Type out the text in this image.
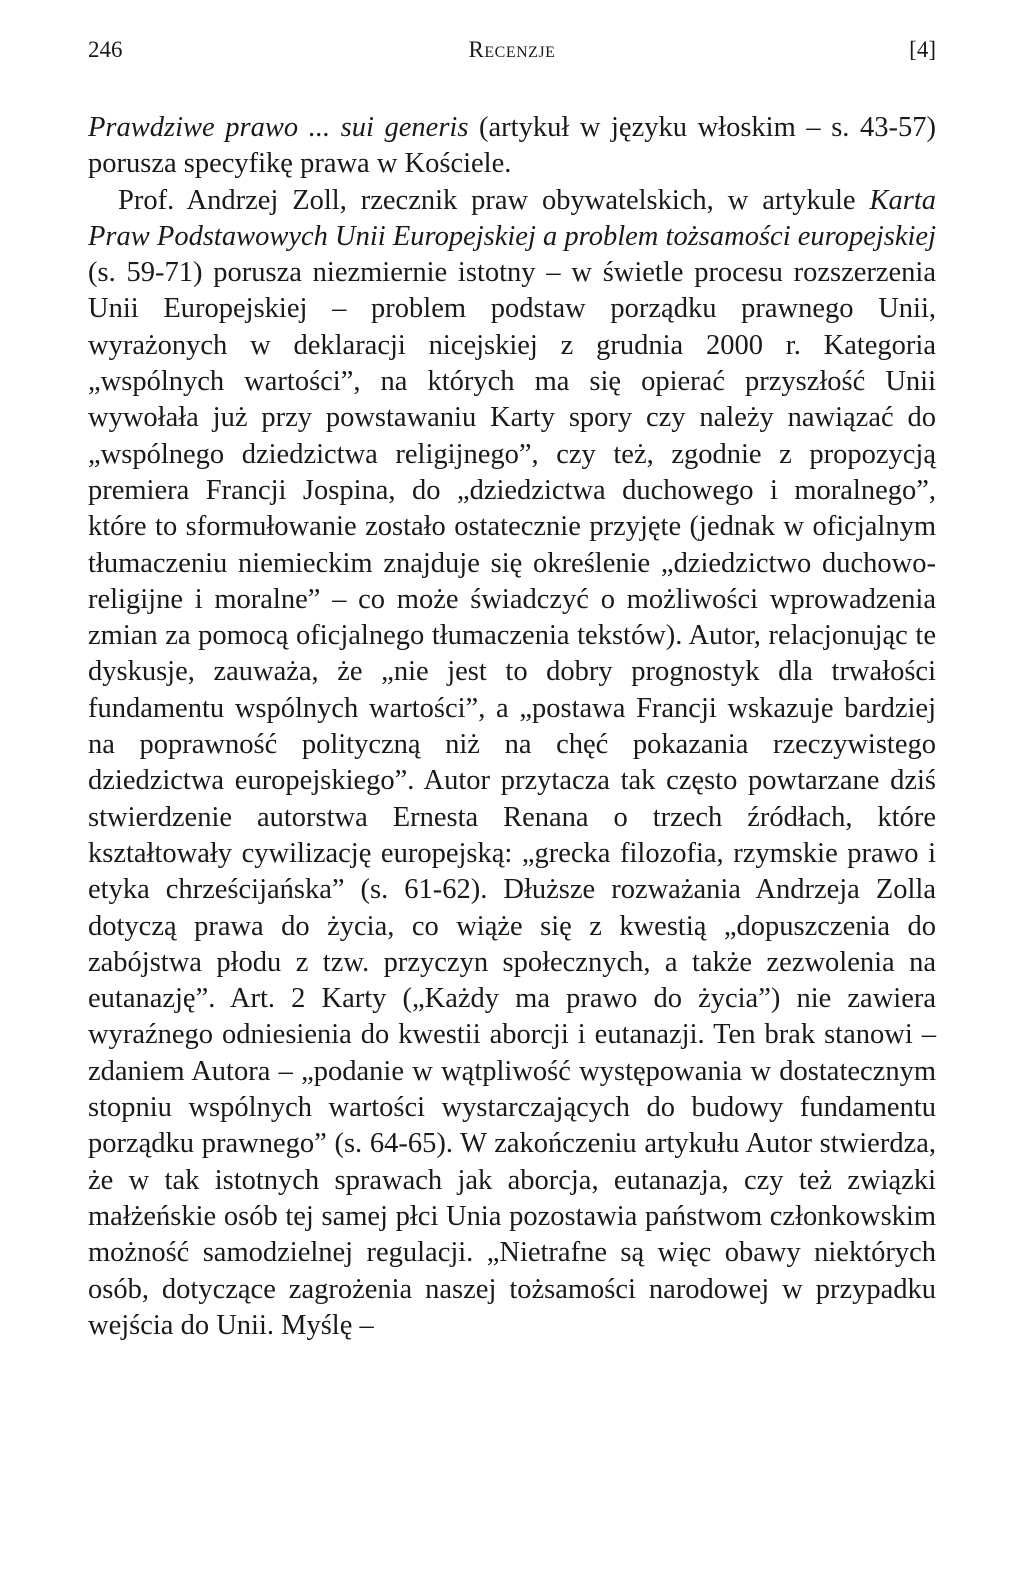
246	Recenzje	[4]

Prawdziwe prawo ... sui generis (artykuł w języku włoskim – s. 43-57) porusza specyfikę prawa w Kościele.

Prof. Andrzej Zoll, rzecznik praw obywatelskich, w artykule Karta Praw Podstawowych Unii Europejskiej a problem tożsamości europejskiej (s. 59-71) porusza niezmiernie istotny – w świetle procesu rozszerzenia Unii Europejskiej – problem podstaw porządku prawnego Unii, wyrażonych w deklaracji nicejskiej z grudnia 2000 r. Kategoria „wspólnych wartości”, na których ma się opierać przyszłość Unii wywołała już przy powstawaniu Karty spory czy należy nawiązać do „wspólnego dziedzictwa religijnego”, czy też, zgodnie z propozycją premiera Francji Jospina, do „dziedzictwa duchowego i moralnego”, które to sformułowanie zostało ostatecznie przyjęte (jednak w oficjalnym tłumaczeniu niemieckim znajduje się określenie „dziedzictwo duchowo-religijne i moralne” – co może świadczyć o możliwości wprowadzenia zmian za pomocą oficjalnego tłumaczenia tekstów). Autor, relacjonując te dyskusje, zauważa, że „nie jest to dobry prognostyk dla trwałości fundamentu wspólnych wartości”, a „postawa Francji wskazuje bardziej na poprawność polityczną niż na chęć pokazania rzeczywistego dziedzictwa europejskiego”. Autor przytacza tak często powtarzane dziś stwierdzenie autorstwa Ernesta Renana o trzech źródłach, które kształtowały cywilizację europejską: „grecka filozofia, rzymskie prawo i etyka chrześcijańska” (s. 61-62). Dłuższe rozważania Andrzeja Zolla dotyczą prawa do życia, co wiąże się z kwestią „dopuszczenia do zabójstwa płodu z tzw. przyczyn społecznych, a także zezwolenia na eutanazję”. Art. 2 Karty („Każdy ma prawo do życia”) nie zawiera wyraźnego odniesienia do kwestii aborcji i eutanazji. Ten brak stanowi – zdaniem Autora – „podanie w wątpliwość występowania w dostatecznym stopniu wspólnych wartości wystarczających do budowy fundamentu porządku prawnego” (s. 64-65). W zakończeniu artykułu Autor stwierdza, że w tak istotnych sprawach jak aborcja, eutanazja, czy też związki małżeńskie osób tej samej płci Unia pozostawia państwom członkowskim możność samodzielnej regulacji. „Nietrafne są więc obawy niektórych osób, dotyczące zagrożenia naszej tożsamości narodowej w przypadku wejścia do Unii. Myślę –
